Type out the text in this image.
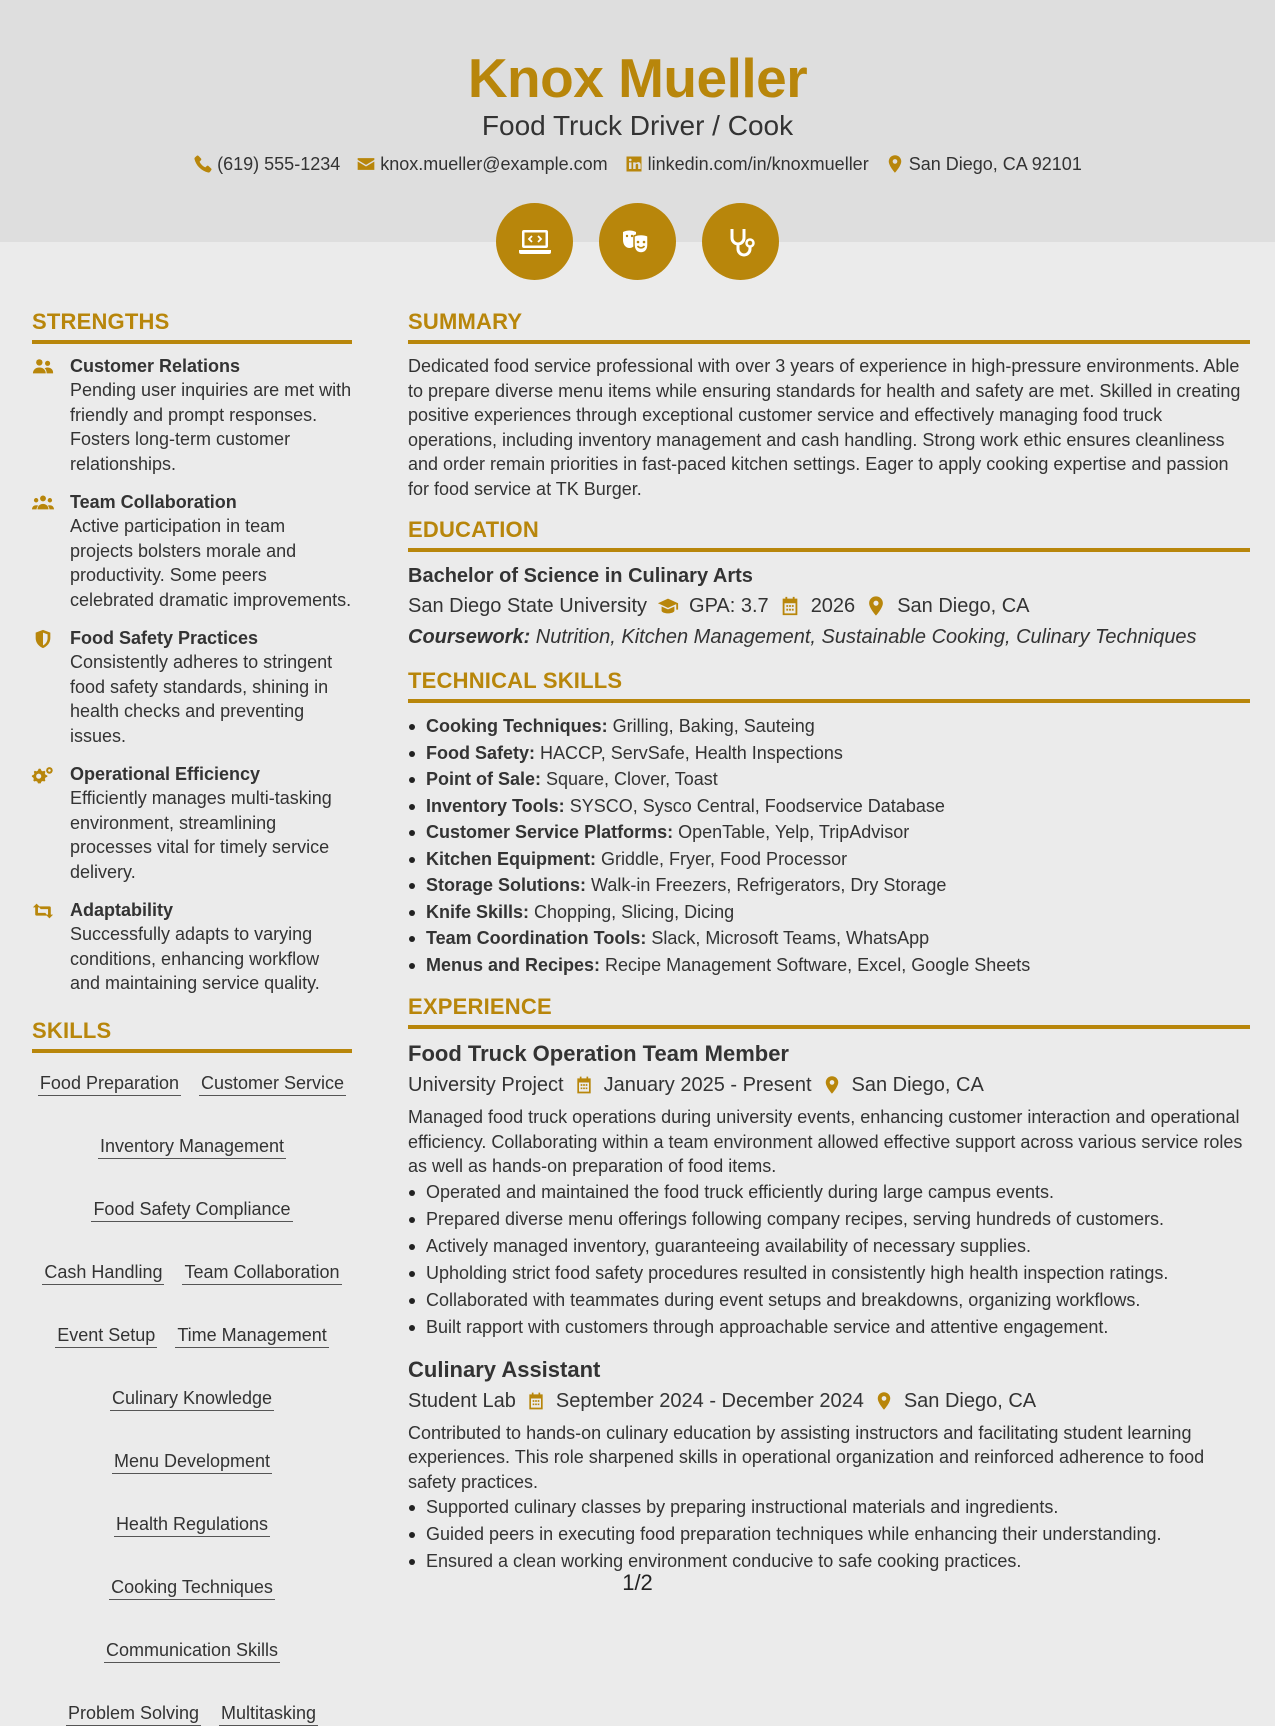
Knox Mueller
Food Truck Driver / Cook
(619) 555-1234 knox.mueller@example.com linkedin.com/in/knoxmueller San Diego, CA 92101
STRENGTHS
Customer Relations
Pending user inquiries are met with friendly and prompt responses. Fosters long-term customer relationships.
Team Collaboration
Active participation in team projects bolsters morale and productivity. Some peers celebrated dramatic improvements.
Food Safety Practices
Consistently adheres to stringent food safety standards, shining in health checks and preventing issues.
Operational Efficiency
Efficiently manages multi-tasking environment, streamlining processes vital for timely service delivery.
Adaptability
Successfully adapts to varying conditions, enhancing workflow and maintaining service quality.
SKILLS
Food Preparation Customer Service
Inventory Management
Food Safety Compliance
Cash Handling Team Collaboration
Event Setup Time Management
Culinary Knowledge
Menu Development
Health Regulations
Cooking Techniques
Communication Skills
Problem Solving Multitasking
SUMMARY
Dedicated food service professional with over 3 years of experience in high-pressure environments. Able to prepare diverse menu items while ensuring standards for health and safety are met. Skilled in creating positive experiences through exceptional customer service and effectively managing food truck operations, including inventory management and cash handling. Strong work ethic ensures cleanliness and order remain priorities in fast-paced kitchen settings. Eager to apply cooking expertise and passion for food service at TK Burger.
EDUCATION
Bachelor of Science in Culinary Arts
San Diego State University GPA: 3.7 2026 San Diego, CA
Coursework: Nutrition, Kitchen Management, Sustainable Cooking, Culinary Techniques
TECHNICAL SKILLS
Cooking Techniques: Grilling, Baking, Sauteing
Food Safety: HACCP, ServSafe, Health Inspections
Point of Sale: Square, Clover, Toast
Inventory Tools: SYSCO, Sysco Central, Foodservice Database
Customer Service Platforms: OpenTable, Yelp, TripAdvisor
Kitchen Equipment: Griddle, Fryer, Food Processor
Storage Solutions: Walk-in Freezers, Refrigerators, Dry Storage
Knife Skills: Chopping, Slicing, Dicing
Team Coordination Tools: Slack, Microsoft Teams, WhatsApp
Menus and Recipes: Recipe Management Software, Excel, Google Sheets
EXPERIENCE
Food Truck Operation Team Member
University Project January 2025 - Present San Diego, CA
Managed food truck operations during university events, enhancing customer interaction and operational efficiency. Collaborating within a team environment allowed effective support across various service roles as well as hands-on preparation of food items.
Operated and maintained the food truck efficiently during large campus events.
Prepared diverse menu offerings following company recipes, serving hundreds of customers.
Actively managed inventory, guaranteeing availability of necessary supplies.
Upholding strict food safety procedures resulted in consistently high health inspection ratings.
Collaborated with teammates during event setups and breakdowns, organizing workflows.
Built rapport with customers through approachable service and attentive engagement.
Culinary Assistant
Student Lab September 2024 - December 2024 San Diego, CA
Contributed to hands-on culinary education by assisting instructors and facilitating student learning experiences. This role sharpened skills in operational organization and reinforced adherence to food safety practices.
Supported culinary classes by preparing instructional materials and ingredients.
Guided peers in executing food preparation techniques while enhancing their understanding.
Ensured a clean working environment conducive to safe cooking practices.
1/2
